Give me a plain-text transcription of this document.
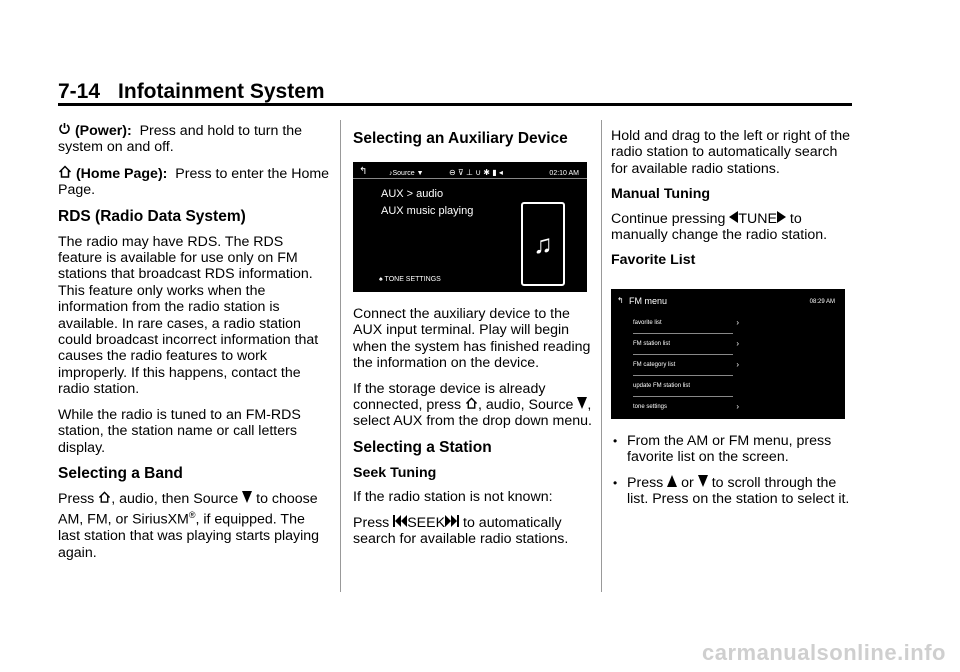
7-14 Infotainment System

(Power): Press and hold to turn the system on and off.

(Home Page): Press to enter the Home Page.

RDS (Radio Data System)

The radio may have RDS. The RDS feature is available for use only on FM stations that broadcast RDS information. This feature only works when the information from the radio station is available. In rare cases, a radio station could broadcast incorrect information that causes the radio features to work improperly. If this happens, contact the radio station.

While the radio is tuned to an FM-RDS station, the station name or call letters display.

Selecting a Band

Press , audio, then Source to choose AM, FM, or SiriusXM®, if equipped. The last station that was playing starts playing again.

Selecting an Auxiliary Device
↰	♪Source ▼	⊖ ⊽ ⊥ ∪ ✱ ▮ ◂	02:10 AM
AUX > audio
AUX music playing
♫
♠ TONE SETTINGS

Connect the auxiliary device to the AUX input terminal. Play will begin when the system has finished reading the information on the device.

If the storage device is already connected, press , audio, Source , select AUX from the drop down menu.

Selecting a Station
Seek Tuning

If the radio station is not known:

Press SEEK to automatically search for available radio stations.

Hold and drag to the left or right of the radio station to automatically search for available radio stations.

Manual Tuning

Continue pressing TUNE to manually change the radio station.

Favorite List
↰ FM menu	08:29 AM
favorite list	›
FM station list	›
FM category list	›
update FM station list
tone settings	›
• From the AM or FM menu, press favorite list on the screen.
• Press or to scroll through the list. Press on the station to select it.
carmanualsonline.info
